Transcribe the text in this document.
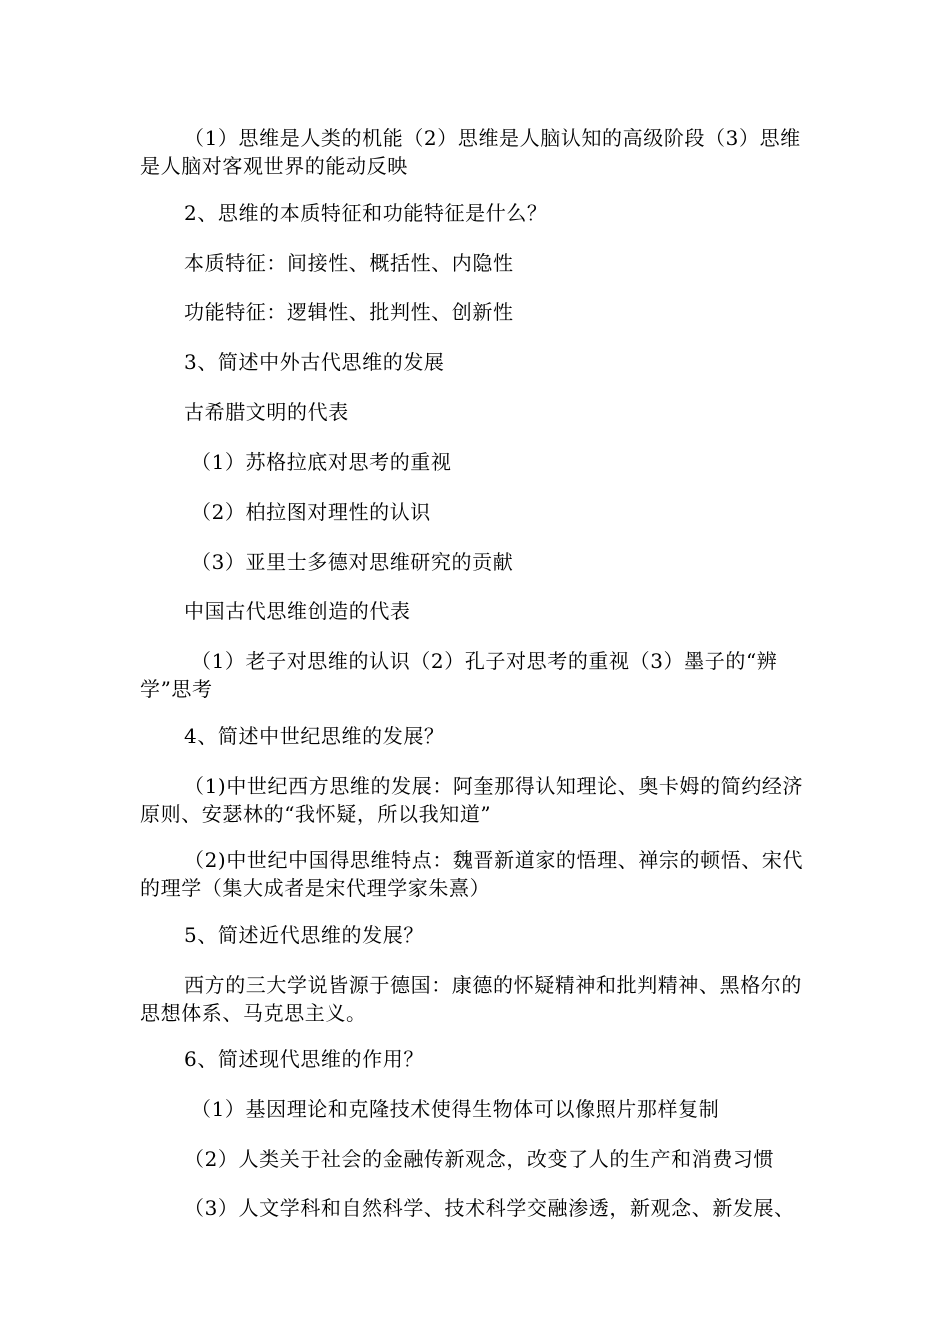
（1）思维是人类的机能（2）思维是人脑认知的高级阶段（3）思维是人脑对客观世界的能动反映

2、思维的本质特征和功能特征是什么？

本质特征：间接性、概括性、内隐性

功能特征：逻辑性、批判性、创新性

3、简述中外古代思维的发展

古希腊文明的代表

（1）苏格拉底对思考的重视

（2）柏拉图对理性的认识

（3）亚里士多德对思维研究的贡献

中国古代思维创造的代表

（1）老子对思维的认识（2）孔子对思考的重视（3）墨子的“辨学”思考

4、简述中世纪思维的发展？

（1)中世纪西方思维的发展：阿奎那得认知理论、奥卡姆的简约经济原则、安瑟林的“我怀疑，所以我知道”

（2)中世纪中国得思维特点：魏晋新道家的悟理、禅宗的顿悟、宋代的理学（集大成者是宋代理学家朱熹）

5、简述近代思维的发展？

西方的三大学说皆源于德国：康德的怀疑精神和批判精神、黑格尔的思想体系、马克思主义。

6、简述现代思维的作用？

（1）基因理论和克隆技术使得生物体可以像照片那样复制

（2）人类关于社会的金融传新观念，改变了人的生产和消费习惯

（3）人文学科和自然科学、技术科学交融渗透，新观念、新发展、
